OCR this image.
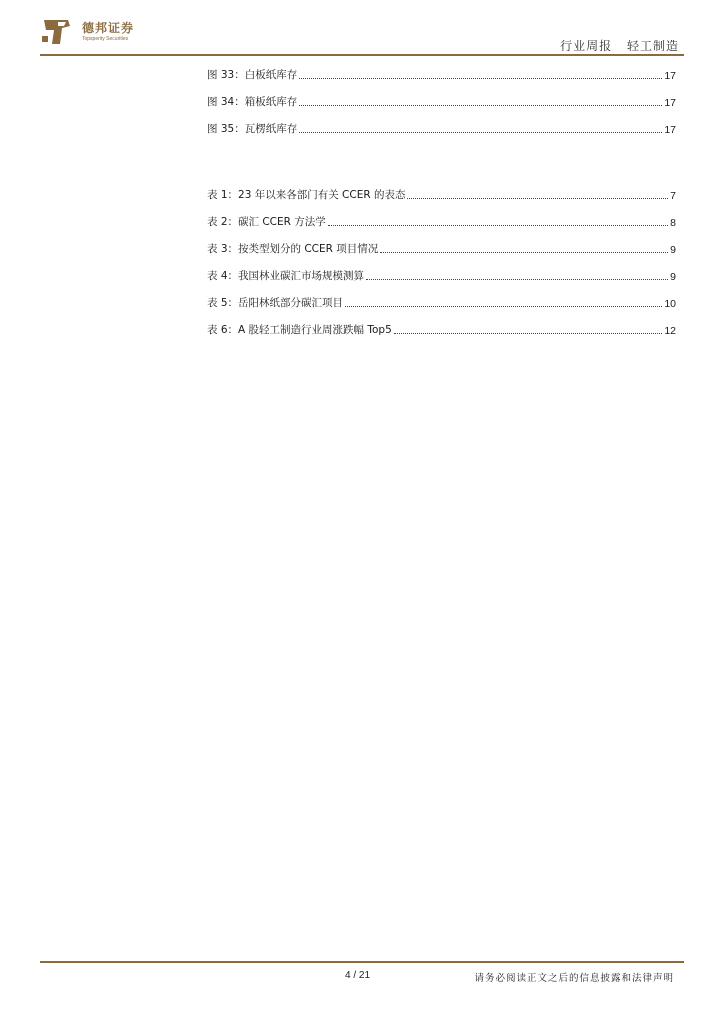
德邦证券
Topsperity Securities	行业周报 轻工制造
图 33：白板纸库存	17
图 34：箱板纸库存	17
图 35：瓦楞纸库存	17
表 1：23 年以来各部门有关 CCER 的表态	7
表 2：碳汇 CCER 方法学	8
表 3：按类型划分的 CCER 项目情况	9
表 4：我国林业碳汇市场规模测算	9
表 5：岳阳林纸部分碳汇项目	10
表 6：A 股轻工制造行业周涨跌幅 Top5	12
4 / 21	请务必阅读正文之后的信息披露和法律声明
